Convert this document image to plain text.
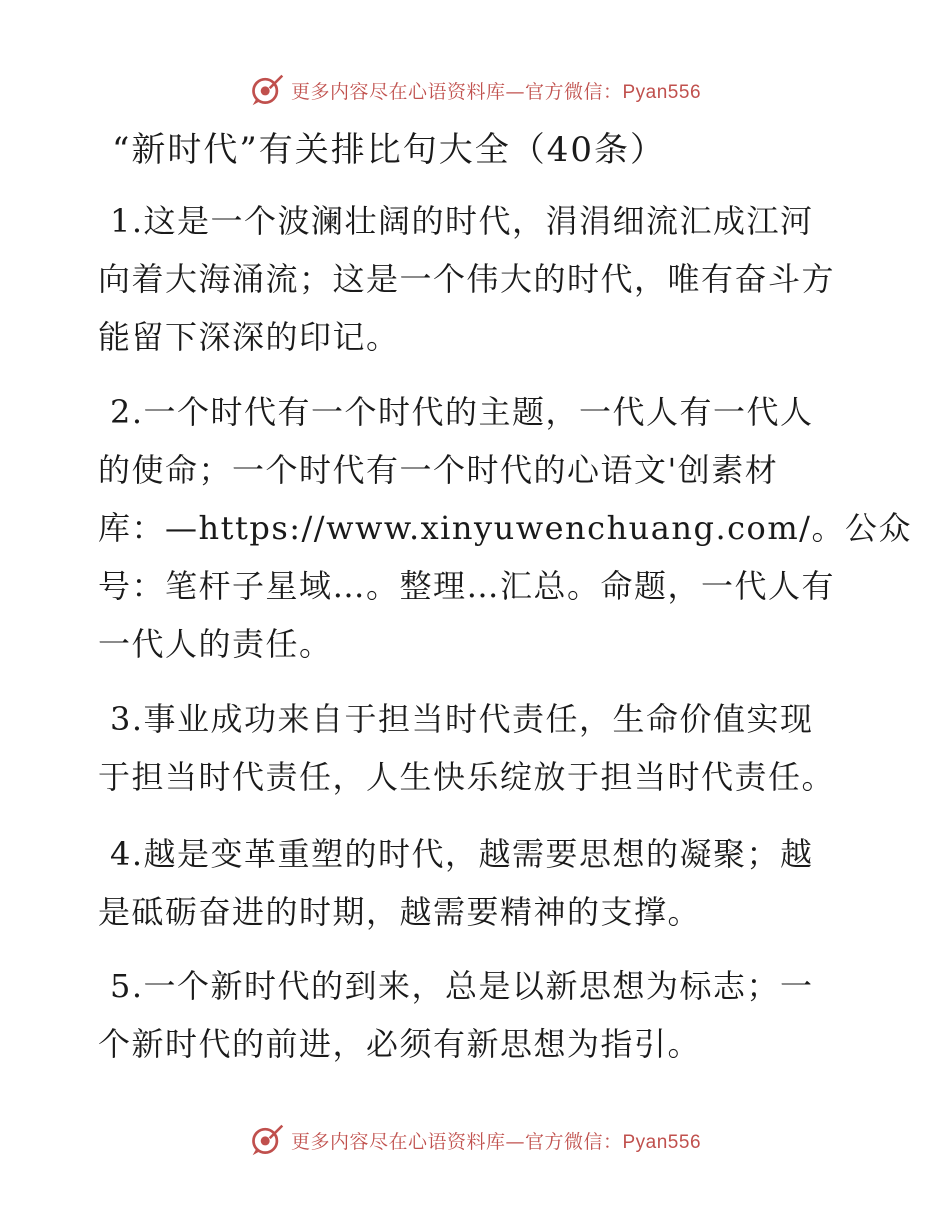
更多内容尽在心语资料库—官方微信：Pyan556
“新时代”有关排比句大全（40条）
1.这是一个波澜壮阔的时代，涓涓细流汇成江河
向着大海涌流；这是一个伟大的时代，唯有奋斗方
能留下深深的印记。
2.一个时代有一个时代的主题，一代人有一代人
的使命；一个时代有一个时代的心语文'创素材
库：—https://www.xinyuwenchuang.com/。公众
号：笔杆子星域…。整理…汇总。命题，一代人有
一代人的责任。
3.事业成功来自于担当时代责任，生命价值实现
于担当时代责任，人生快乐绽放于担当时代责任。
4.越是变革重塑的时代，越需要思想的凝聚；越
是砥砺奋进的时期，越需要精神的支撑。
5.一个新时代的到来，总是以新思想为标志；一
个新时代的前进，必须有新思想为指引。
更多内容尽在心语资料库—官方微信：Pyan556
